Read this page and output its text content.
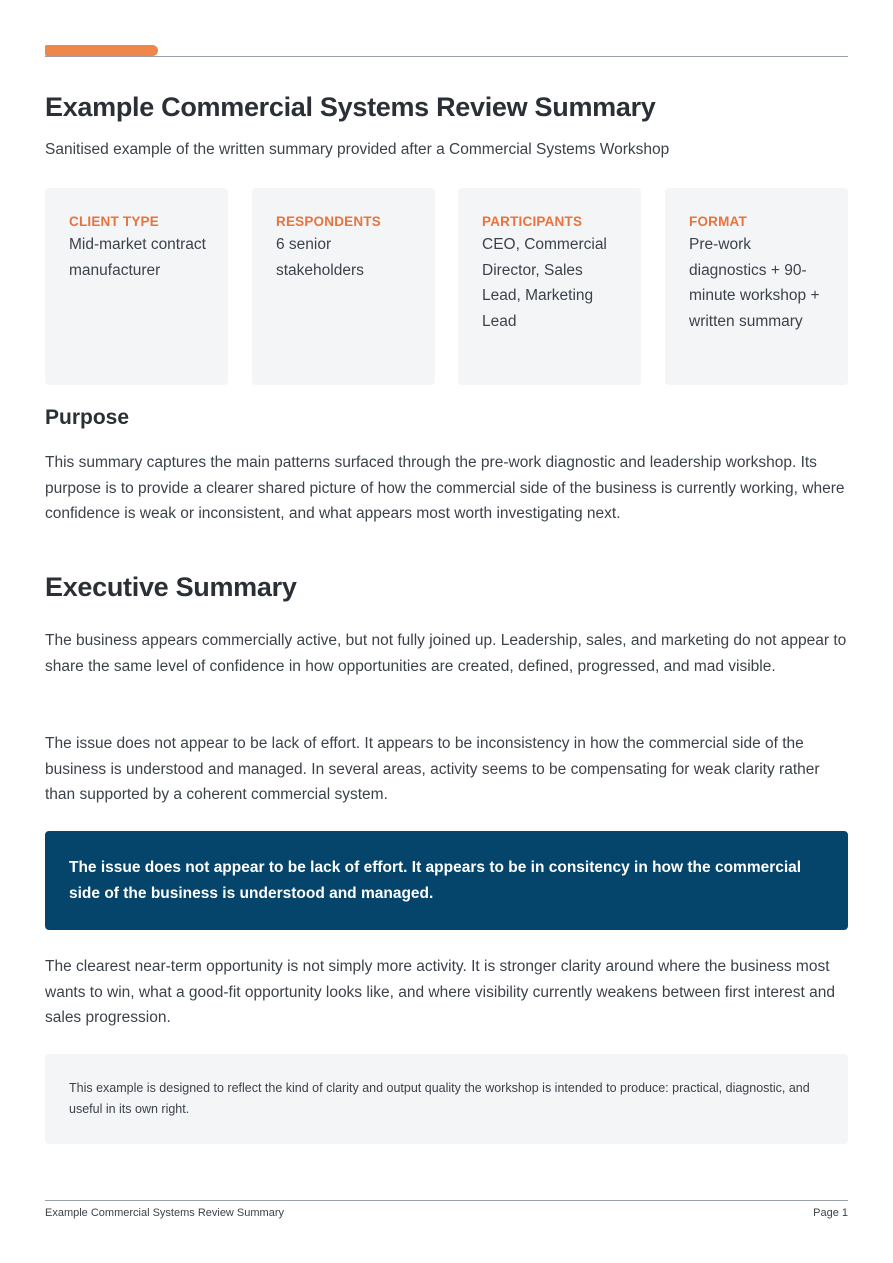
Example Commercial Systems Review Summary

Sanitised example of the written summary provided after a Commercial Systems Workshop

CLIENT TYPE

Mid-market contract manufacturer

RESPONDENTS

6 senior stakeholders

PARTICIPANTS

CEO, Commercial Director, Sales Lead, Marketing Lead

FORMAT

Pre-work diagnostics + 90-minute workshop + written summary

Purpose

This summary captures the main patterns surfaced through the pre-work diagnostic and leadership workshop. Its purpose is to provide a clearer shared picture of how the commercial side of the business is currently working, where confidence is weak or inconsistent, and what appears most worth investigating next.

Executive Summary

The business appears commercially active, but not fully joined up. Leadership, sales, and marketing do not appear to share the same level of confidence in how opportunities are created, defined, progressed, and mad visible.

The issue does not appear to be lack of effort. It appears to be inconsistency in how the commercial side of the business is understood and managed. In several areas, activity seems to be compensating for weak clarity rather than supported by a coherent commercial system.

The issue does not appear to be lack of effort. It appears to be in consitency in how the commercial side of the business is understood and managed.

The clearest near-term opportunity is not simply more activity. It is stronger clarity around where the business most wants to win, what a good-fit opportunity looks like, and where visibility currently weakens between first interest and sales progression.

This example is designed to reflect the kind of clarity and output quality the workshop is intended to produce: practical, diagnostic, and useful in its own right.

Example Commercial Systems Review Summary	Page 1
